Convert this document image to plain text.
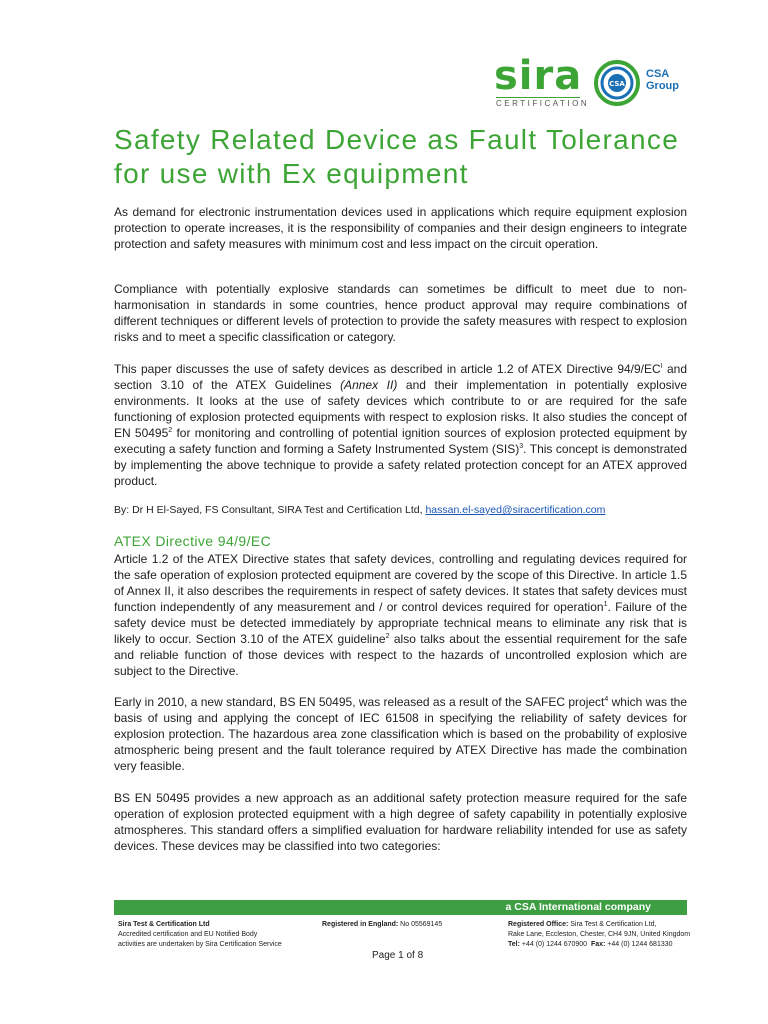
sira
CERTIFICATION
CSA
CSA
Group
Safety Related Device as Fault Tolerance for use with Ex equipment

As demand for electronic instrumentation devices used in applications which require equipment explosion protection to operate increases, it is the responsibility of companies and their design engineers to integrate protection and safety measures with minimum cost and less impact on the circuit operation.

Compliance with potentially explosive standards can sometimes be difficult to meet due to non-harmonisation in standards in some countries, hence product approval may require combinations of different techniques or different levels of protection to provide the safety measures with respect to explosion risks and to meet a specific classification or category.

This paper discusses the use of safety devices as described in article 1.2 of ATEX Directive $94/9/EC^I$ and section 3.10 of the ATEX Guidelines (Annex II) and their implementation in potentially explosive environments. It looks at the use of safety devices which contribute to or are required for the safe functioning of explosion protected equipments with respect to explosion risks. It also studies the concept of EN 50495$^2$ for monitoring and controlling of potential ignition sources of explosion protected equipment by executing a safety function and forming a Safety Instrumented System (SIS)$^3$. This concept is demonstrated by implementing the above technique to provide a safety related protection concept for an ATEX approved product.

By: Dr H El-Sayed, FS Consultant, SIRA Test and Certification Ltd, hassan.el-sayed@siracertification.com
ATEX Directive 94/9/EC

Article 1.2 of the ATEX Directive states that safety devices, controlling and regulating devices required for the safe operation of explosion protected equipment are covered by the scope of this Directive. In article 1.5 of Annex II, it also describes the requirements in respect of safety devices. It states that safety devices must function independently of any measurement and / or control devices required for operation$^1$. Failure of the safety device must be detected immediately by appropriate technical means to eliminate any risk that is likely to occur. Section 3.10 of the ATEX guideline$^2$ also talks about the essential requirement for the safe and reliable function of those devices with respect to the hazards of uncontrolled explosion which are subject to the Directive.

Early in 2010, a new standard, BS EN 50495, was released as a result of the SAFEC project$^4$ which was the basis of using and applying the concept of IEC 61508 in specifying the reliability of safety devices for explosion protection. The hazardous area zone classification which is based on the probability of explosive atmospheric being present and the fault tolerance required by ATEX Directive has made the combination very feasible.

BS EN 50495 provides a new approach as an additional safety protection measure required for the safe operation of explosion protected equipment with a high degree of safety capability in potentially explosive atmospheres. This standard offers a simplified evaluation for hardware reliability intended for use as safety devices. These devices may be classified into two categories:

a CSA International company
Sira Test & Certification Ltd
Accredited certification and EU Notified Body
activities are undertaken by Sira Certification Service
Registered in England: No 05569145	Registered Office: Sira Test & Certification Ltd,
Rake Lane, Eccleston, Chester, CH4 9JN, United Kingdom
Tel: +44 (0) 1244 670900 Fax: +44 (0) 1244 681330
Page 1 of 8
